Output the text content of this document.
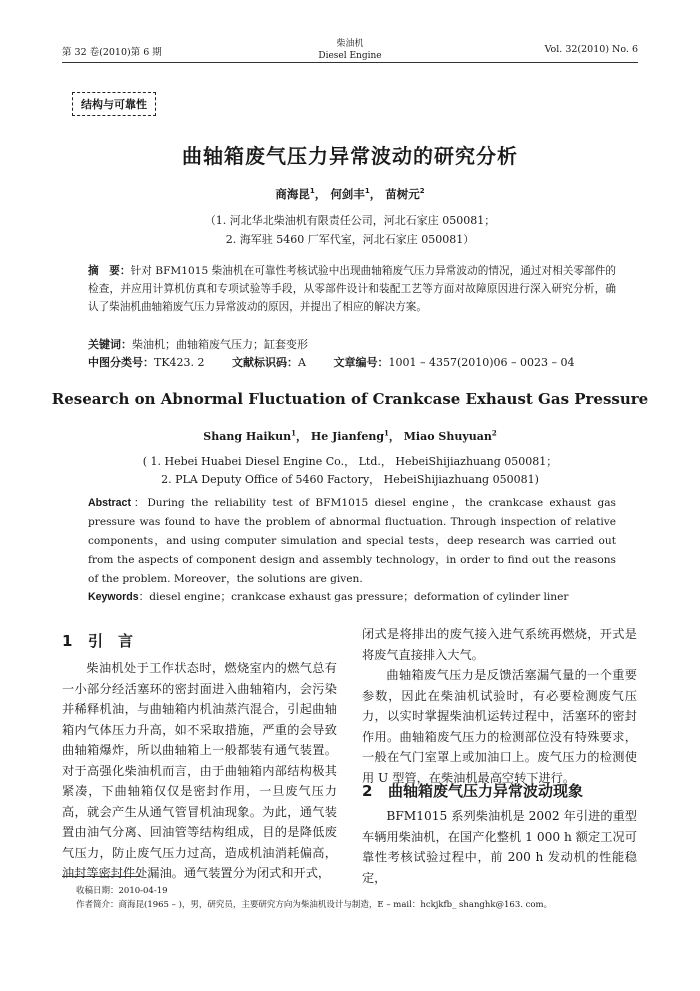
第 32 卷(2010)第 6 期
柴油机
Diesel Engine
Vol. 32(2010) No. 6
结构与可靠性
曲轴箱废气压力异常波动的研究分析
商海昆$^1$， 何剑丰$^1$， 苗树元$^2$
（1. 河北华北柴油机有限责任公司，河北石家庄 050081；
2. 海军驻 5460 厂军代室，河北石家庄 050081）
摘　要：针对 BFM1015 柴油机在可靠性考核试验中出现曲轴箱废气压力异常波动的情况，通过对相关零部件的检查，并应用计算机仿真和专项试验等手段，从零部件设计和装配工艺等方面对故障原因进行深入研究分析，确认了柴油机曲轴箱废气压力异常波动的原因，并提出了相应的解决方案。
关键词：柴油机；曲轴箱废气压力；缸套变形
中图分类号：TK423. 2	文献标识码：A	文章编号：1001 – 4357(2010)06 – 0023 – 04
Research on Abnormal Fluctuation of Crankcase Exhaust Gas Pressure
Shang Haikun$^1$， He Jianfeng$^1$， Miao Shuyuan$^2$
( 1. Hebei Huabei Diesel Engine Co.， Ltd.， HebeiShijiazhuang 050081；
2. PLA Deputy Office of 5460 Factory， HebeiShijiazhuang 050081)
Abstract：During the reliability test of BFM1015 diesel engine，the crankcase exhaust gas pressure was found to have the problem of abnormal fluctuation. Through inspection of relative components，and using computer simulation and special tests，deep research was carried out from the aspects of component design and assembly technology，in order to find out the reasons of the problem. Moreover，the solutions are given.
Keywords：diesel engine；crankcase exhaust gas pressure；deformation of cylinder liner
1 引　言

柴油机处于工作状态时，燃烧室内的燃气总有一小部分经活塞环的密封面进入曲轴箱内，会污染并稀释机油，与曲轴箱内机油蒸汽混合，引起曲轴箱内气体压力升高，如不采取措施，严重的会导致曲轴箱爆炸，所以曲轴箱上一般都装有通气装置。对于高强化柴油机而言，由于曲轴箱内部结构极其紧凑，下曲轴箱仅仅是密封作用，一旦废气压力高，就会产生从通气管冒机油现象。为此，通气装置由油气分离、回油管等结构组成，目的是降低废气压力，防止废气压力过高，造成机油消耗偏高，油封等密封件处漏油。通气装置分为闭式和开式，

闭式是将排出的废气接入进气系统再燃烧，开式是将废气直接排入大气。

曲轴箱废气压力是反馈活塞漏气量的一个重要参数，因此在柴油机试验时，有必要检测废气压力，以实时掌握柴油机运转过程中，活塞环的密封作用。曲轴箱废气压力的检测部位没有特殊要求，一般在气门室罩上或加油口上。废气压力的检测使用 U 型管，在柴油机最高空转下进行。

2 曲轴箱废气压力异常波动现象

BFM1015 系列柴油机是 2002 年引进的重型车辆用柴油机，在国产化整机 1 000 h 额定工况可靠性考核试验过程中，前 200 h 发动机的性能稳定，

收稿日期：2010-04-19
作者简介：商海昆(1965 – )，男，研究员，主要研究方向为柴油机设计与制造，E – mail：hckjkfb_ shanghk@163. com。
